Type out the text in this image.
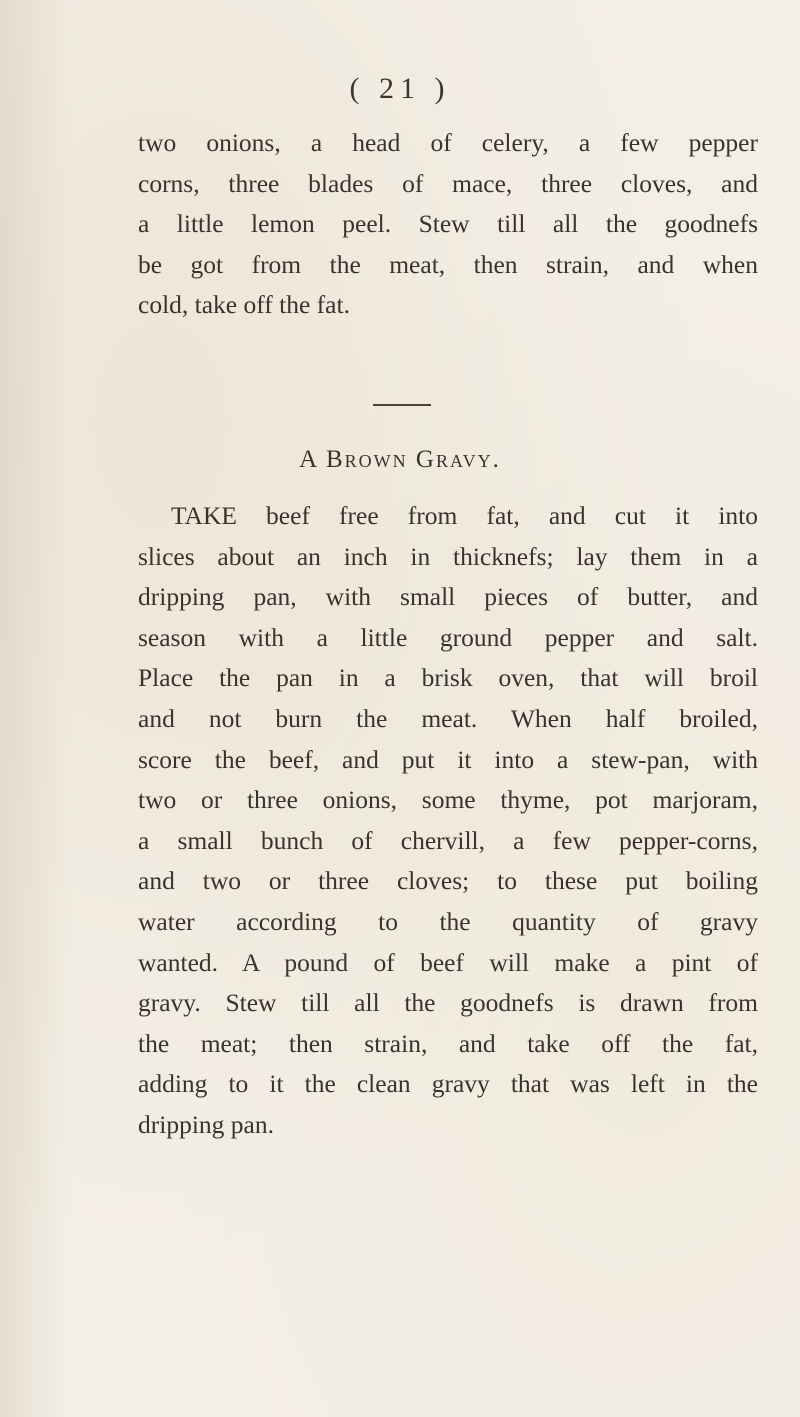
( 21 )
two onions, a head of celery, a few pepper
corns, three blades of mace, three cloves, and
a little lemon peel. Stew till all the goodnefs
be got from the meat, then strain, and when
cold, take off the fat.
A Brown Gravy.
TAKE beef free from fat, and cut it into
slices about an inch in thicknefs; lay them in a
dripping pan, with small pieces of butter, and
season with a little ground pepper and salt.
Place the pan in a brisk oven, that will broil
and not burn the meat. When half broiled,
score the beef, and put it into a stew-pan, with
two or three onions, some thyme, pot marjoram,
a small bunch of chervill, a few pepper-corns,
and two or three cloves; to these put boiling
water according to the quantity of gravy
wanted. A pound of beef will make a pint of
gravy. Stew till all the goodnefs is drawn from
the meat; then strain, and take off the fat,
adding to it the clean gravy that was left in the
dripping pan.
